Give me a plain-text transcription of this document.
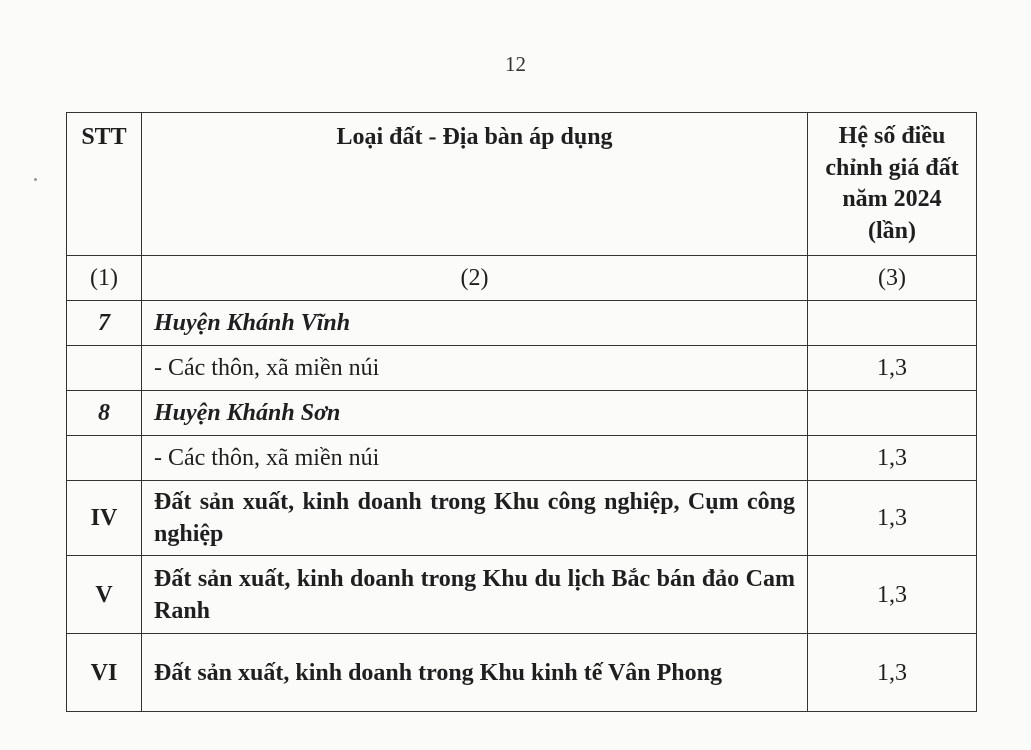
12
STT	Loại đất - Địa bàn áp dụng	Hệ số điều chỉnh giá đất năm 2024 (lần)
(1)	(2)	(3)
7	Huyện Khánh Vĩnh	
	- Các thôn, xã miền núi	1,3
8	Huyện Khánh Sơn	
	- Các thôn, xã miền núi	1,3
IV	Đất sản xuất, kinh doanh trong Khu công nghiệp, Cụm công nghiệp	1,3
V	Đất sản xuất, kinh doanh trong Khu du lịch Bắc bán đảo Cam Ranh	1,3
VI	Đất sản xuất, kinh doanh trong Khu kinh tế Vân Phong	1,3
